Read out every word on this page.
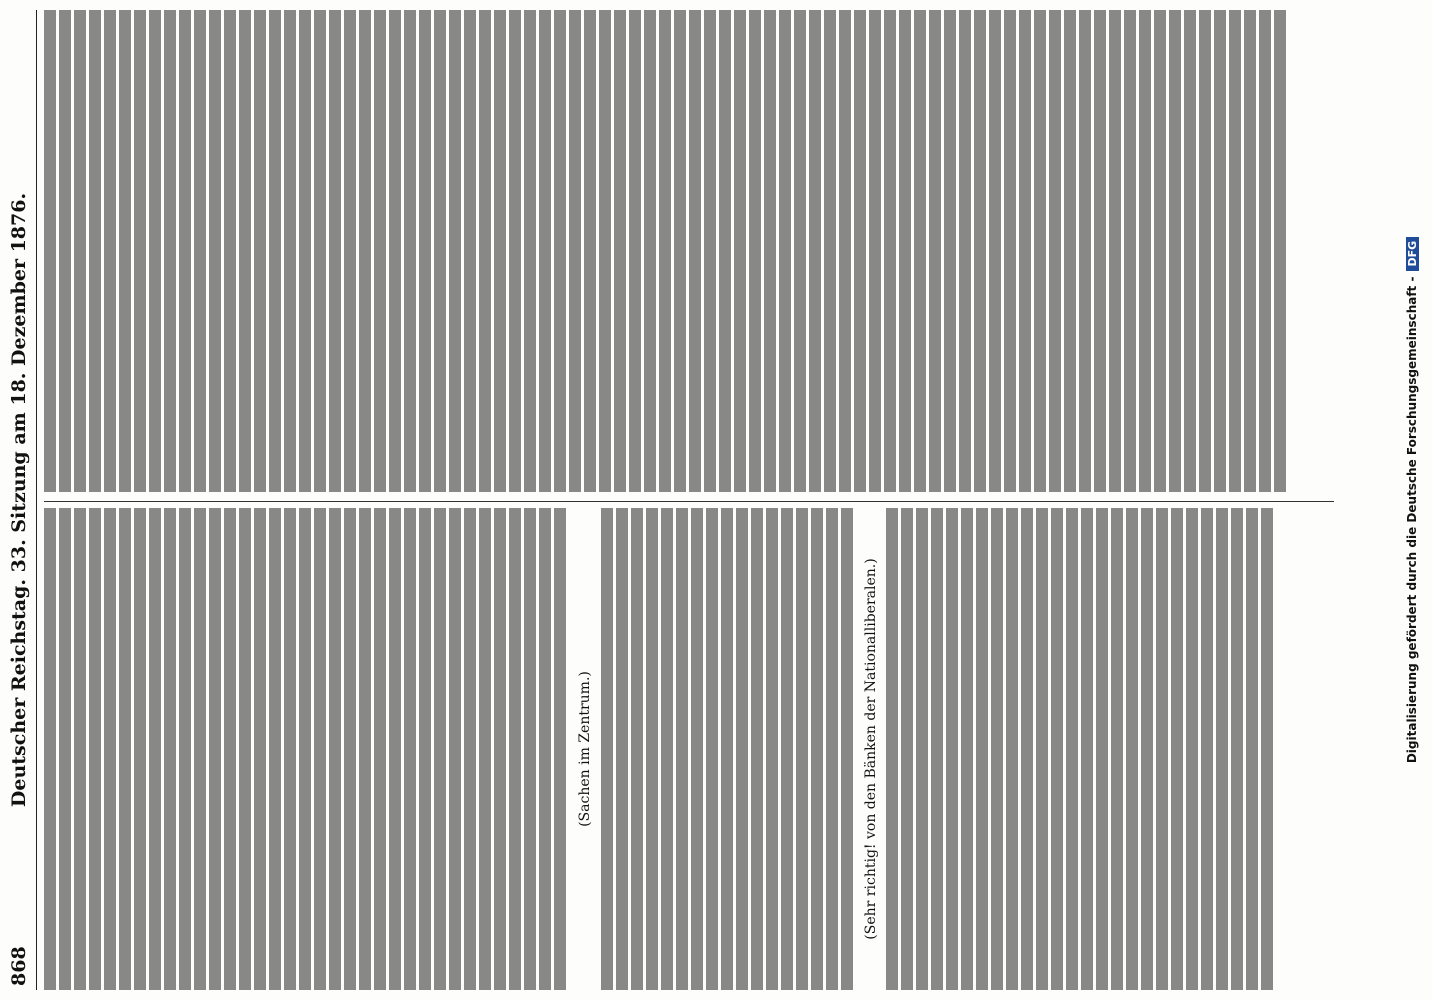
868
Deutscher Reichstag. 33. Sitzung am 18. Dezember 1876.	(Sachen im Zentrum.)	(Sehr richtig! von den Bänken der Nationalliberalen.)	Digitalisierung gefördert durch die Deutsche Forschungsgemeinschaft -DFG
